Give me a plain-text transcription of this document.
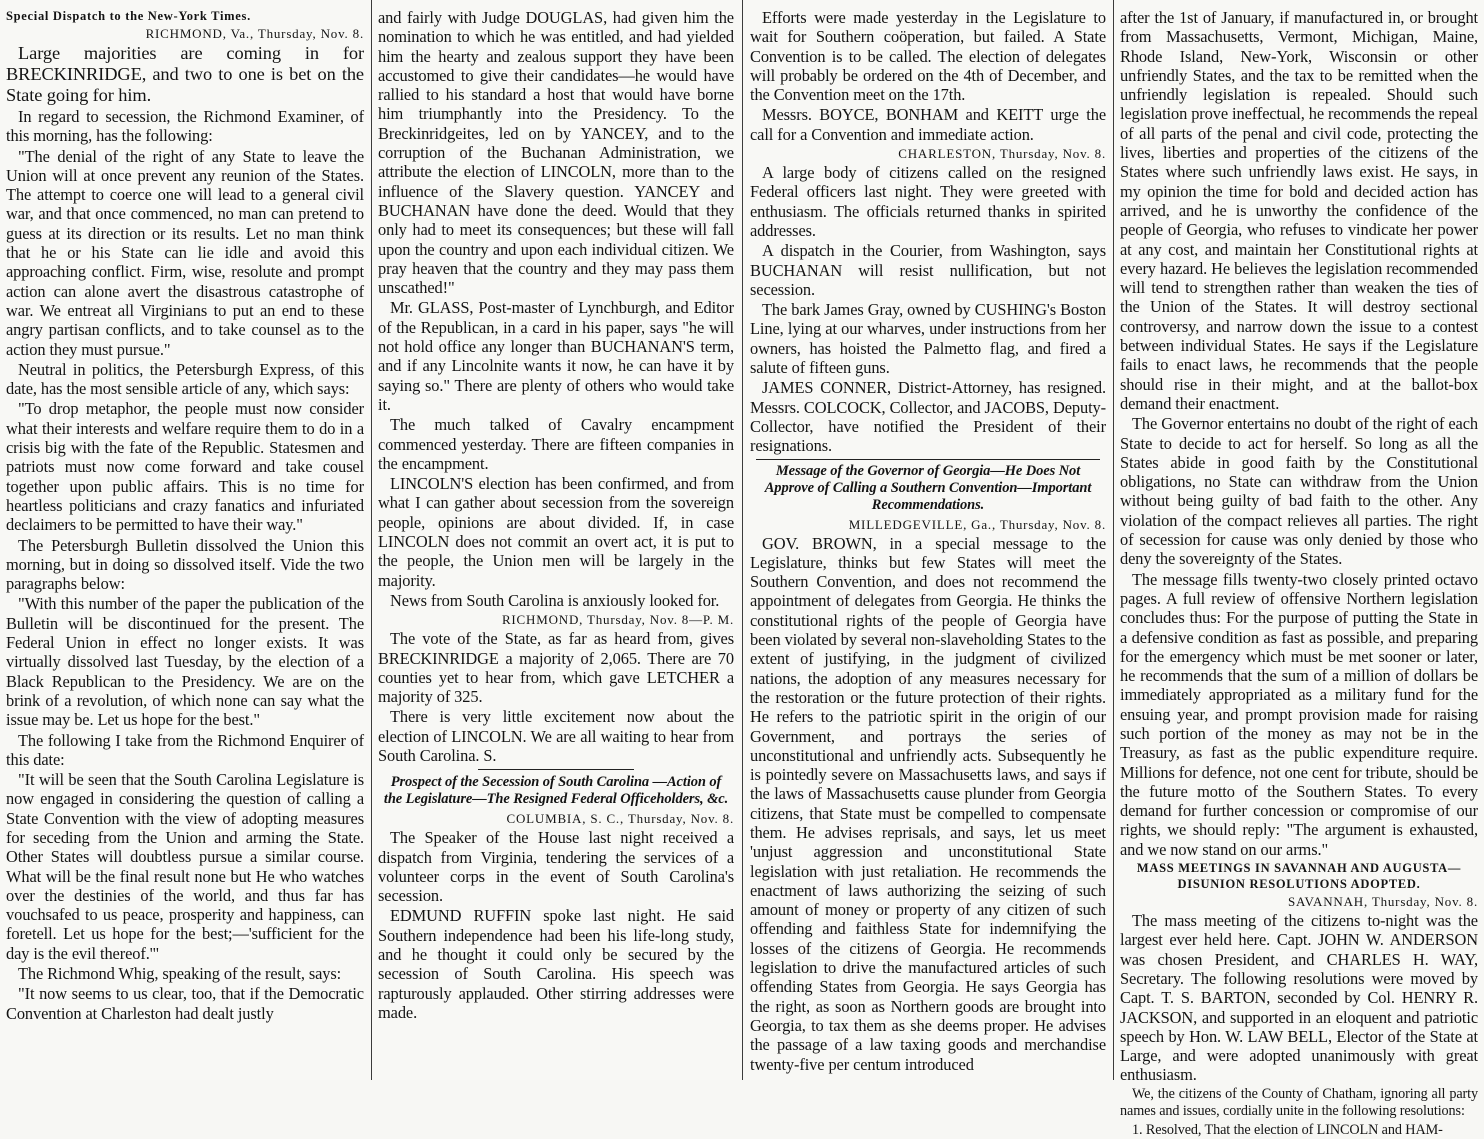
Special Dispatch to the New-York Times.

RICHMOND, Va., Thursday, Nov. 8.

Large majorities are coming in for BRECKINRIDGE, and two to one is bet on the State going for him.

In regard to secession, the Richmond Examiner, of this morning, has the following:

"The denial of the right of any State to leave the Union will at once prevent any reunion of the States. The attempt to coerce one will lead to a general civil war, and that once commenced, no man can pretend to guess at its direction or its results. Let no man think that he or his State can lie idle and avoid this approaching conflict. Firm, wise, resolute and prompt action can alone avert the disastrous catastrophe of war. We entreat all Virginians to put an end to these angry partisan conflicts, and to take counsel as to the action they must pursue."

Neutral in politics, the Petersburgh Express, of this date, has the most sensible article of any, which says:

"To drop metaphor, the people must now consider what their interests and welfare require them to do in a crisis big with the fate of the Republic. Statesmen and patriots must now come forward and take cousel together upon public affairs. This is no time for heartless politicians and crazy fanatics and infuriated declaimers to be permitted to have their way."

The Petersburgh Bulletin dissolved the Union this morning, but in doing so dissolved itself. Vide the two paragraphs below:

"With this number of the paper the publication of the Bulletin will be discontinued for the present. The Federal Union in effect no longer exists. It was virtually dissolved last Tuesday, by the election of a Black Republican to the Presidency. We are on the brink of a revolution, of which none can say what the issue may be. Let us hope for the best."

The following I take from the Richmond Enquirer of this date:

"It will be seen that the South Carolina Legislature is now engaged in considering the question of calling a State Convention with the view of adopting measures for seceding from the Union and arming the State. Other States will doubtless pursue a similar course. What will be the final result none but He who watches over the destinies of the world, and thus far has vouchsafed to us peace, prosperity and happiness, can foretell. Let us hope for the best;—'sufficient for the day is the evil thereof.'"

The Richmond Whig, speaking of the result, says:

"It now seems to us clear, too, that if the Democratic Convention at Charleston had dealt justly

and fairly with Judge DOUGLAS, had given him the nomination to which he was entitled, and had yielded him the hearty and zealous support they have been accustomed to give their candidates—he would have rallied to his standard a host that would have borne him triumphantly into the Presidency. To the Breckinridgeites, led on by YANCEY, and to the corruption of the Buchanan Administration, we attribute the election of LINCOLN, more than to the influence of the Slavery question. YANCEY and BUCHANAN have done the deed. Would that they only had to meet its consequences; but these will fall upon the country and upon each individual citizen. We pray heaven that the country and they may pass them unscathed!"

Mr. GLASS, Post-master of Lynchburgh, and Editor of the Republican, in a card in his paper, says "he will not hold office any longer than BUCHANAN'S term, and if any Lincolnite wants it now, he can have it by saying so." There are plenty of others who would take it.

The much talked of Cavalry encampment commenced yesterday. There are fifteen companies in the encampment.

LINCOLN'S election has been confirmed, and from what I can gather about secession from the sovereign people, opinions are about divided. If, in case LINCOLN does not commit an overt act, it is put to the people, the Union men will be largely in the majority.

News from South Carolina is anxiously looked for.

RICHMOND, Thursday, Nov. 8—P. M.

The vote of the State, as far as heard from, gives BRECKINRIDGE a majority of 2,065. There are 70 counties yet to hear from, which gave LETCHER a majority of 325.

There is very little excitement now about the election of LINCOLN. We are all waiting to hear from South Carolina. S.

Prospect of the Secession of South Carolina —Action of the Legislature—The Resigned Federal Officeholders, &c.

COLUMBIA, S. C., Thursday, Nov. 8.

The Speaker of the House last night received a dispatch from Virginia, tendering the services of a volunteer corps in the event of South Carolina's secession.

EDMUND RUFFIN spoke last night. He said Southern independence had been his life-long study, and he thought it could only be secured by the secession of South Carolina. His speech was rapturously applauded. Other stirring addresses were made.

Efforts were made yesterday in the Legislature to wait for Southern coöperation, but failed. A State Convention is to be called. The election of delegates will probably be ordered on the 4th of December, and the Convention meet on the 17th.

Messrs. BOYCE, BONHAM and KEITT urge the call for a Convention and immediate action.

CHARLESTON, Thursday, Nov. 8.

A large body of citizens called on the resigned Federal officers last night. They were greeted with enthusiasm. The officials returned thanks in spirited addresses.

A dispatch in the Courier, from Washington, says BUCHANAN will resist nullification, but not secession.

The bark James Gray, owned by CUSHING's Boston Line, lying at our wharves, under instructions from her owners, has hoisted the Palmetto flag, and fired a salute of fifteen guns.

JAMES CONNER, District-Attorney, has resigned. Messrs. COLCOCK, Collector, and JACOBS, Deputy-Collector, have notified the President of their resignations.

Message of the Governor of Georgia—He Does Not Approve of Calling a Southern Convention—Important Recommendations.

MILLEDGEVILLE, Ga., Thursday, Nov. 8.

GOV. BROWN, in a special message to the Legislature, thinks but few States will meet the Southern Convention, and does not recommend the appointment of delegates from Georgia. He thinks the constitutional rights of the people of Georgia have been violated by several non-slaveholding States to the extent of justifying, in the judgment of civilized nations, the adoption of any measures necessary for the restoration or the future protection of their rights. He refers to the patriotic spirit in the origin of our Government, and portrays the series of unconstitutional and unfriendly acts. Subsequently he is pointedly severe on Massachusetts laws, and says if the laws of Massachusetts cause plunder from Georgia citizens, that State must be compelled to compensate them. He advises reprisals, and says, let us meet 'unjust aggression and unconstitutional State legislation with just retaliation. He recommends the enactment of laws authorizing the seizing of such amount of money or property of any citizen of such offending and faithless State for indemnifying the losses of the citizens of Georgia. He recommends legislation to drive the manufactured articles of such offending States from Georgia. He says Georgia has the right, as soon as Northern goods are brought into Georgia, to tax them as she deems proper. He advises the passage of a law taxing goods and merchandise twenty-five per centum introduced

after the 1st of January, if manufactured in, or brought from Massachusetts, Vermont, Michigan, Maine, Rhode Island, New-York, Wisconsin or other unfriendly States, and the tax to be remitted when the unfriendly legislation is repealed. Should such legislation prove ineffectual, he recommends the repeal of all parts of the penal and civil code, protecting the lives, liberties and properties of the citizens of the States where such unfriendly laws exist. He says, in my opinion the time for bold and decided action has arrived, and he is unworthy the confidence of the people of Georgia, who refuses to vindicate her power at any cost, and maintain her Constitutional rights at every hazard. He believes the legislation recommended will tend to strengthen rather than weaken the ties of the Union of the States. It will destroy sectional controversy, and narrow down the issue to a contest between individual States. He says if the Legislature fails to enact laws, he recommends that the people should rise in their might, and at the ballot-box demand their enactment.

The Governor entertains no doubt of the right of each State to decide to act for herself. So long as all the States abide in good faith by the Constitutional obligations, no State can withdraw from the Union without being guilty of bad faith to the other. Any violation of the compact relieves all parties. The right of secession for cause was only denied by those who deny the sovereignty of the States.

The message fills twenty-two closely printed octavo pages. A full review of offensive Northern legislation concludes thus: For the purpose of putting the State in a defensive condition as fast as possible, and preparing for the emergency which must be met sooner or later, he recommends that the sum of a million of dollars be immediately appropriated as a military fund for the ensuing year, and prompt provision made for raising such portion of the money as may not be in the Treasury, as fast as the public expenditure require. Millions for defence, not one cent for tribute, should be the future motto of the Southern States. To every demand for further concession or compromise of our rights, we should reply: "The argument is exhausted, and we now stand on our arms."

MASS MEETINGS IN SAVANNAH AND AUGUSTA—DISUNION RESOLUTIONS ADOPTED.

SAVANNAH, Thursday, Nov. 8.

The mass meeting of the citizens to-night was the largest ever held here. Capt. JOHN W. ANDERSON was chosen President, and CHARLES H. WAY, Secretary. The following resolutions were moved by Capt. T. S. BARTON, seconded by Col. HENRY R. JACKSON, and supported in an eloquent and patriotic speech by Hon. W. LAW BELL, Elector of the State at Large, and were adopted unanimously with great enthusiasm.

We, the citizens of the County of Chatham, ignoring all party names and issues, cordially unite in the following resolutions:

1. Resolved, That the election of LINCOLN and HAM-
